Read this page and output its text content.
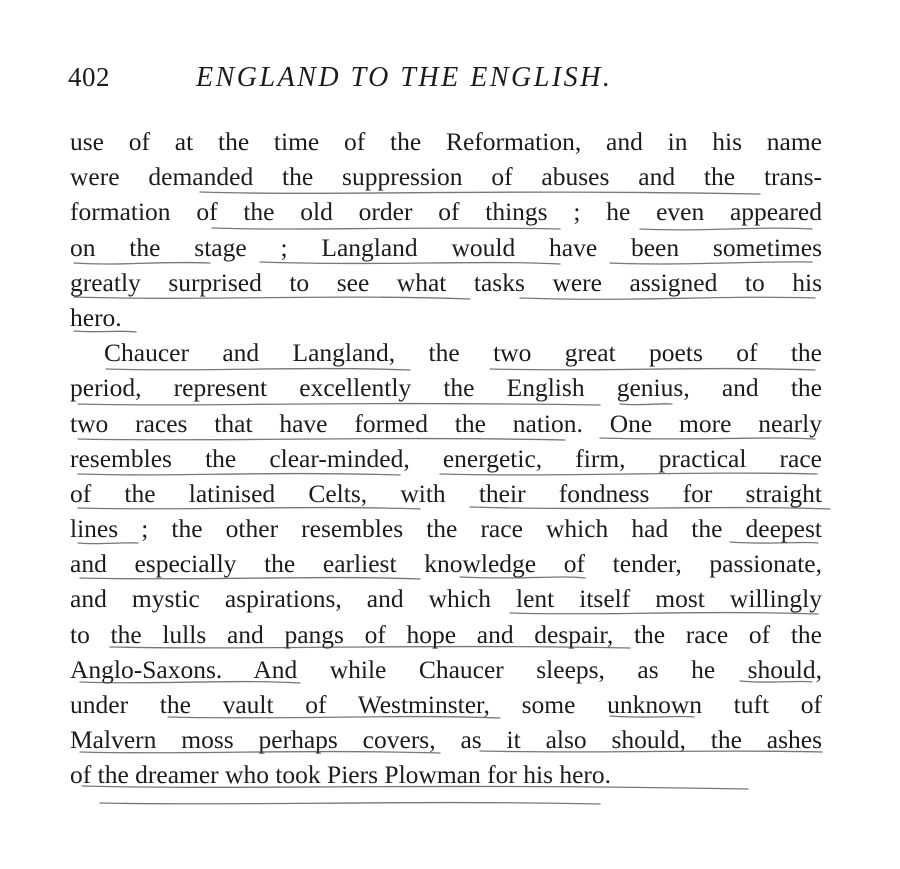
402	ENGLAND TO THE ENGLISH.
use of at the time of the Reformation, and in his name
were demanded the suppression of abuses and the trans-
formation of the old order of things ; he even appeared
on the stage ; Langland would have been sometimes
greatly surprised to see what tasks were assigned to his
hero.
Chaucer and Langland, the two great poets of the
period, represent excellently the English genius, and the
two races that have formed the nation. One more nearly
resembles the clear-minded, energetic, firm, practical race
of the latinised Celts, with their fondness for straight
lines ; the other resembles the race which had the deepest
and especially the earliest knowledge of tender, passionate,
and mystic aspirations, and which lent itself most willingly
to the lulls and pangs of hope and despair, the race of the
Anglo-Saxons. And while Chaucer sleeps, as he should,
under the vault of Westminster, some unknown tuft of
Malvern moss perhaps covers, as it also should, the ashes
of the dreamer who took Piers Plowman for his hero.
